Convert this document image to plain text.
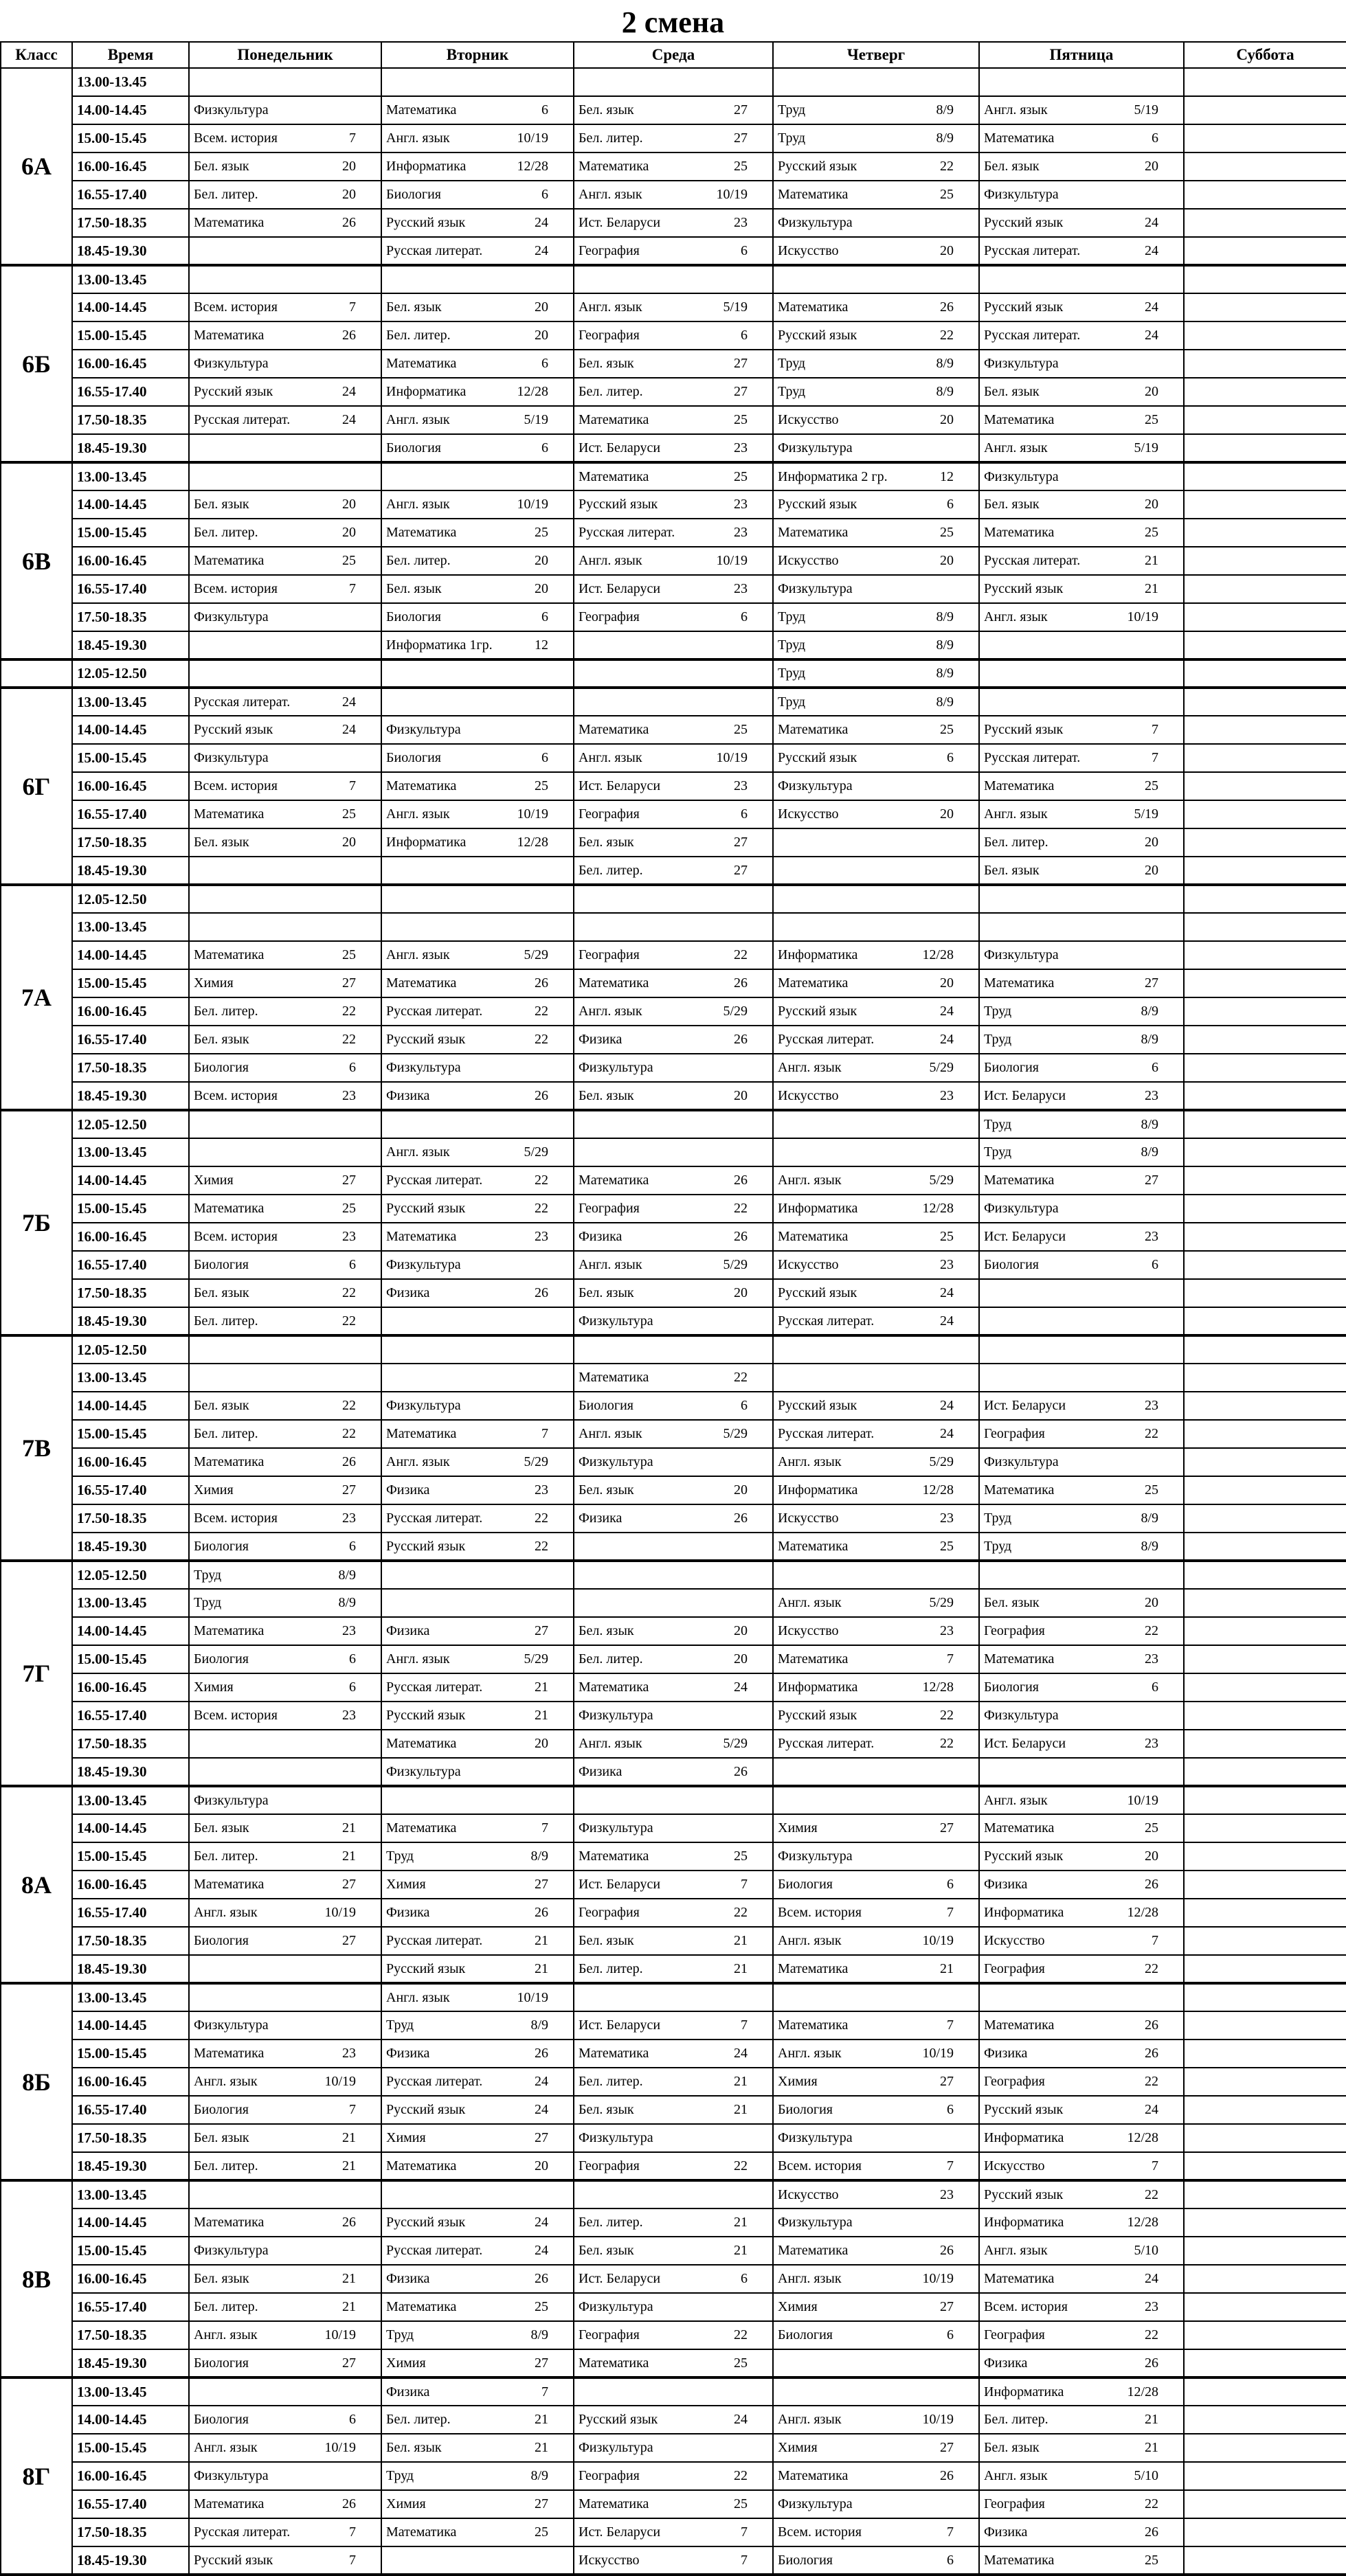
2 смена
Класс	Время	Понедельник	Вторник	Среда	Четверг	Пятница	Суббота
6А	13.00-13.45						
	14.00-14.45	Физкультура	Математика 6	Бел. язык 27	Труд 8/9	Англ. язык 5/19	

	15.00-15.45	Всем. история 7	Англ. язык 10/19	Бел. литер. 27	Труд 8/9	Математика 6	

	16.00-16.45	Бел. язык 20	Информатика 12/28	Математика 25	Русский язык 22	Бел. язык 20	

	16.55-17.40	Бел. литер. 20	Биология 6	Англ. язык 10/19	Математика 25	Физкультура	

	17.50-18.35	Математика 26	Русский язык 24	Ист. Беларуси 23	Физкультура	Русский язык 24	

	18.45-19.30		Русская литерат. 24	География 6	Искусство 20	Русская литерат. 24	

6Б	13.00-13.45						
	14.00-14.45	Всем. история 7	Бел. язык 20	Англ. язык 5/19	Математика 26	Русский язык 24	

	15.00-15.45	Математика 26	Бел. литер. 20	География 6	Русский язык 22	Русская литерат. 24	

	16.00-16.45	Физкультура	Математика 6	Бел. язык 27	Труд 8/9	Физкультура	

	16.55-17.40	Русский язык 24	Информатика 12/28	Бел. литер. 27	Труд 8/9	Бел. язык 20	

	17.50-18.35	Русская литерат. 24	Англ. язык 5/19	Математика 25	Искусство 20	Математика 25	

	18.45-19.30		Биология 6	Ист. Беларуси 23	Физкультура	Англ. язык 5/19	

6В	13.00-13.45			Математика 25	Информатика 2 гр. 12	Физкультура	

	14.00-14.45	Бел. язык 20	Англ. язык 10/19	Русский язык 23	Русский язык 6	Бел. язык 20	

	15.00-15.45	Бел. литер. 20	Математика 25	Русская литерат. 23	Математика 25	Математика 25	

	16.00-16.45	Математика 25	Бел. литер. 20	Англ. язык 10/19	Искусство 20	Русская литерат. 21	

	16.55-17.40	Всем. история 7	Бел. язык 20	Ист. Беларуси 23	Физкультура	Русский язык 21	

	17.50-18.35	Физкультура	Биология 6	География 6	Труд 8/9	Англ. язык 10/19	

	18.45-19.30		Информатика 1гр. 12		Труд 8/9		

	12.05-12.50				Труд 8/9		

6Г	13.00-13.45	Русская литерат. 24			Труд 8/9		

	14.00-14.45	Русский язык 24	Физкультура	Математика 25	Математика 25	Русский язык 7	

	15.00-15.45	Физкультура	Биология 6	Англ. язык 10/19	Русский язык 6	Русская литерат. 7	

	16.00-16.45	Всем. история 7	Математика 25	Ист. Беларуси 23	Физкультура	Математика 25	

	16.55-17.40	Математика 25	Англ. язык 10/19	География 6	Искусство 20	Англ. язык 5/19	

	17.50-18.35	Бел. язык 20	Информатика 12/28	Бел. язык 27		Бел. литер. 20	

	18.45-19.30			Бел. литер. 27		Бел. язык 20	

7А	12.05-12.50						
	13.00-13.45						
	14.00-14.45	Математика 25	Англ. язык 5/29	География 22	Информатика 12/28	Физкультура	

	15.00-15.45	Химия 27	Математика 26	Математика 26	Математика 20	Математика 27	

	16.00-16.45	Бел. литер. 22	Русская литерат. 22	Англ. язык 5/29	Русский язык 24	Труд 8/9	

	16.55-17.40	Бел. язык 22	Русский язык 22	Физика 26	Русская литерат. 24	Труд 8/9	

	17.50-18.35	Биология 6	Физкультура	Физкультура	Англ. язык 5/29	Биология 6	

	18.45-19.30	Всем. история 23	Физика 26	Бел. язык 20	Искусство 23	Ист. Беларуси 23	

7Б	12.05-12.50					Труд 8/9	

	13.00-13.45		Англ. язык 5/29			Труд 8/9	

	14.00-14.45	Химия 27	Русская литерат. 22	Математика 26	Англ. язык 5/29	Математика 27	

	15.00-15.45	Математика 25	Русский язык 22	География 22	Информатика 12/28	Физкультура	

	16.00-16.45	Всем. история 23	Математика 23	Физика 26	Математика 25	Ист. Беларуси 23	

	16.55-17.40	Биология 6	Физкультура	Англ. язык 5/29	Искусство 23	Биология 6	

	17.50-18.35	Бел. язык 22	Физика 26	Бел. язык 20	Русский язык 24		

	18.45-19.30	Бел. литер. 22		Физкультура	Русская литерат. 24		

7В	12.05-12.50						
	13.00-13.45			Математика 22			

	14.00-14.45	Бел. язык 22	Физкультура	Биология 6	Русский язык 24	Ист. Беларуси 23	

	15.00-15.45	Бел. литер. 22	Математика 7	Англ. язык 5/29	Русская литерат. 24	География 22	

	16.00-16.45	Математика 26	Англ. язык 5/29	Физкультура	Англ. язык 5/29	Физкультура	

	16.55-17.40	Химия 27	Физика 23	Бел. язык 20	Информатика 12/28	Математика 25	

	17.50-18.35	Всем. история 23	Русская литерат. 22	Физика 26	Искусство 23	Труд 8/9	

	18.45-19.30	Биология 6	Русский язык 22		Математика 25	Труд 8/9	

7Г	12.05-12.50	Труд 8/9					

	13.00-13.45	Труд 8/9			Англ. язык 5/29	Бел. язык 20	

	14.00-14.45	Математика 23	Физика 27	Бел. язык 20	Искусство 23	География 22	

	15.00-15.45	Биология 6	Англ. язык 5/29	Бел. литер. 20	Математика 7	Математика 23	

	16.00-16.45	Химия 6	Русская литерат. 21	Математика 24	Информатика 12/28	Биология 6	

	16.55-17.40	Всем. история 23	Русский язык 21	Физкультура	Русский язык 22	Физкультура	

	17.50-18.35		Математика 20	Англ. язык 5/29	Русская литерат. 22	Ист. Беларуси 23	

	18.45-19.30		Физкультура	Физика 26			

8А	13.00-13.45	Физкультура				Англ. язык 10/19	

	14.00-14.45	Бел. язык 21	Математика 7	Физкультура	Химия 27	Математика 25	

	15.00-15.45	Бел. литер. 21	Труд 8/9	Математика 25	Физкультура	Русский язык 20	

	16.00-16.45	Математика 27	Химия 27	Ист. Беларуси 7	Биология 6	Физика 26	

	16.55-17.40	Англ. язык 10/19	Физика 26	География 22	Всем. история 7	Информатика 12/28	

	17.50-18.35	Биология 27	Русская литерат. 21	Бел. язык 21	Англ. язык 10/19	Искусство 7	

	18.45-19.30		Русский язык 21	Бел. литер. 21	Математика 21	География 22	

8Б	13.00-13.45		Англ. язык 10/19				

	14.00-14.45	Физкультура	Труд 8/9	Ист. Беларуси 7	Математика 7	Математика 26	

	15.00-15.45	Математика 23	Физика 26	Математика 24	Англ. язык 10/19	Физика 26	

	16.00-16.45	Англ. язык 10/19	Русская литерат. 24	Бел. литер. 21	Химия 27	География 22	

	16.55-17.40	Биология 7	Русский язык 24	Бел. язык 21	Биология 6	Русский язык 24	

	17.50-18.35	Бел. язык 21	Химия 27	Физкультура	Физкультура	Информатика 12/28	

	18.45-19.30	Бел. литер. 21	Математика 20	География 22	Всем. история 7	Искусство 7	

8В	13.00-13.45				Искусство 23	Русский язык 22	

	14.00-14.45	Математика 26	Русский язык 24	Бел. литер. 21	Физкультура	Информатика 12/28	

	15.00-15.45	Физкультура	Русская литерат. 24	Бел. язык 21	Математика 26	Англ. язык 5/10	

	16.00-16.45	Бел. язык 21	Физика 26	Ист. Беларуси 6	Англ. язык 10/19	Математика 24	

	16.55-17.40	Бел. литер. 21	Математика 25	Физкультура	Химия 27	Всем. история 23	

	17.50-18.35	Англ. язык 10/19	Труд 8/9	География 22	Биология 6	География 22	

	18.45-19.30	Биология 27	Химия 27	Математика 25		Физика 26	

8Г	13.00-13.45		Физика 7			Информатика 12/28	

	14.00-14.45	Биология 6	Бел. литер. 21	Русский язык 24	Англ. язык 10/19	Бел. литер. 21	

	15.00-15.45	Англ. язык 10/19	Бел. язык 21	Физкультура	Химия 27	Бел. язык 21	

	16.00-16.45	Физкультура	Труд 8/9	География 22	Математика 26	Англ. язык 5/10	

	16.55-17.40	Математика 26	Химия 27	Математика 25	Физкультура	География 22	

	17.50-18.35	Русская литерат. 7	Математика 25	Ист. Беларуси 7	Всем. история 7	Физика 26	

	18.45-19.30	Русский язык 7		Искусство 7	Биология 6	Математика 25	
